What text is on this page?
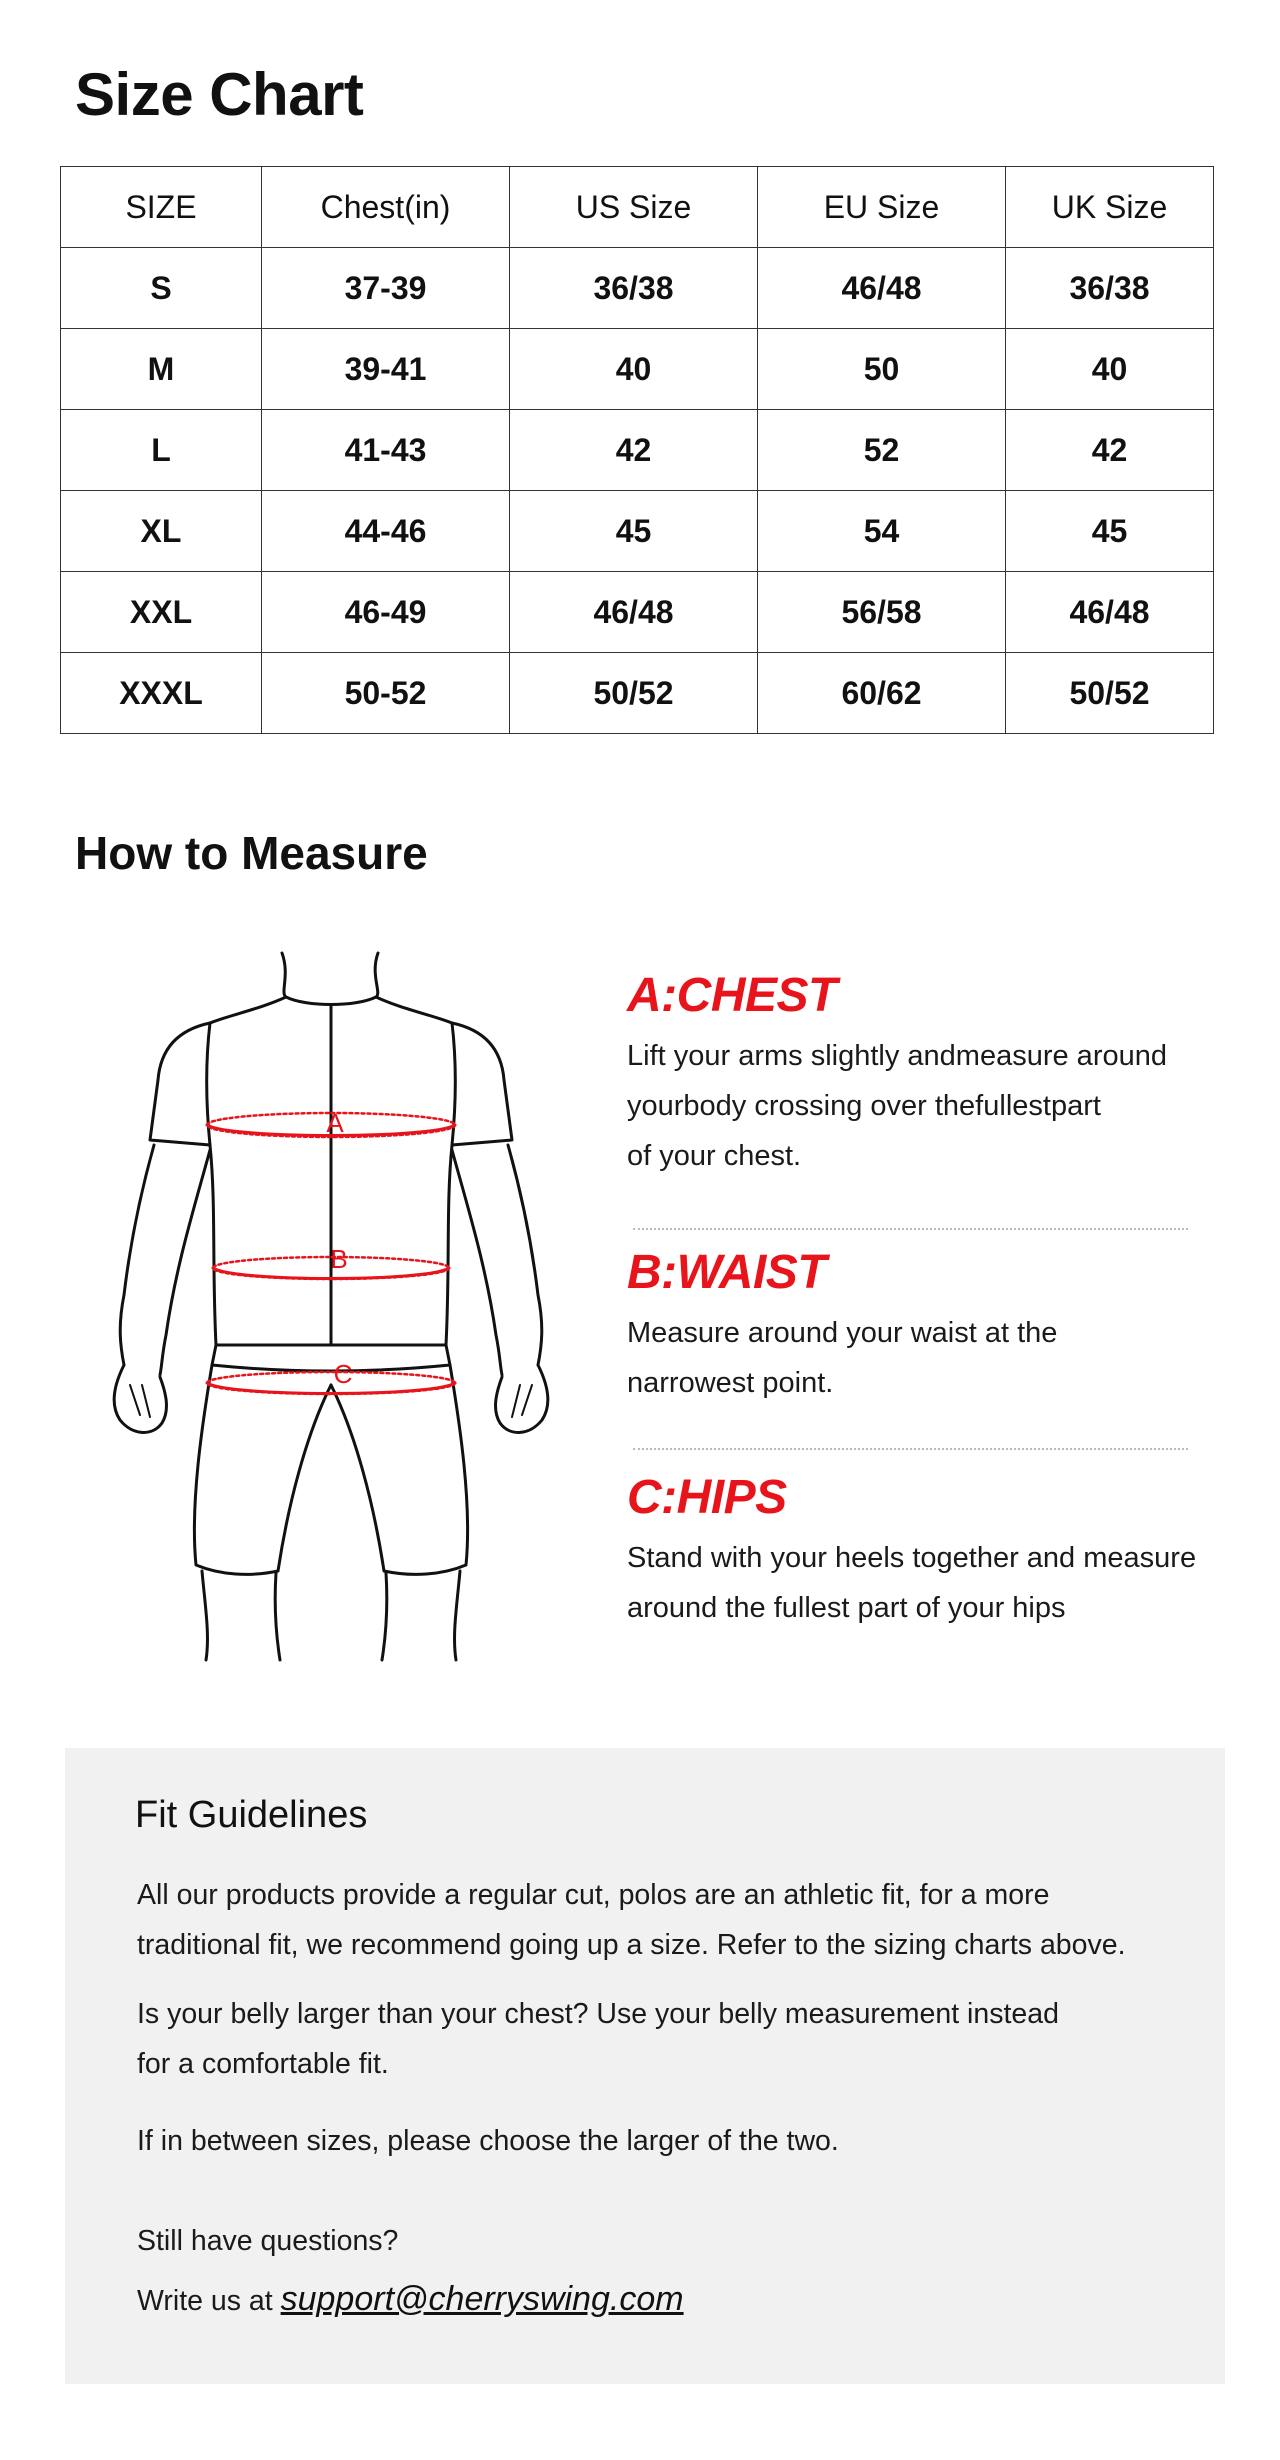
Size Chart
SIZE	Chest(in)	US Size	EU Size	UK Size
S	37-39	36/38	46/48	36/38
M	39-41	40	50	40
L	41-43	42	52	42
XL	44-46	45	54	45
XXL	46-49	46/48	56/58	46/48
XXXL	50-52	50/52	60/62	50/52
How to Measure
A
B
C
A:CHEST

Lift your arms slightly andmeasure around

yourbody crossing over thefullestpart

of your chest.

B:WAIST

Measure around your waist at the

narrowest point.

C:HIPS

Stand with your heels together and measure

around the fullest part of your hips

Fit Guidelines

All our products provide a regular cut, polos are an athletic fit, for a more

traditional fit, we recommend going up a size. Refer to the sizing charts above.

Is your belly larger than your chest? Use your belly measurement instead

for a comfortable fit.

If in between sizes, please choose the larger of the two.

Still have questions?

Write us at support@cherryswing.com
